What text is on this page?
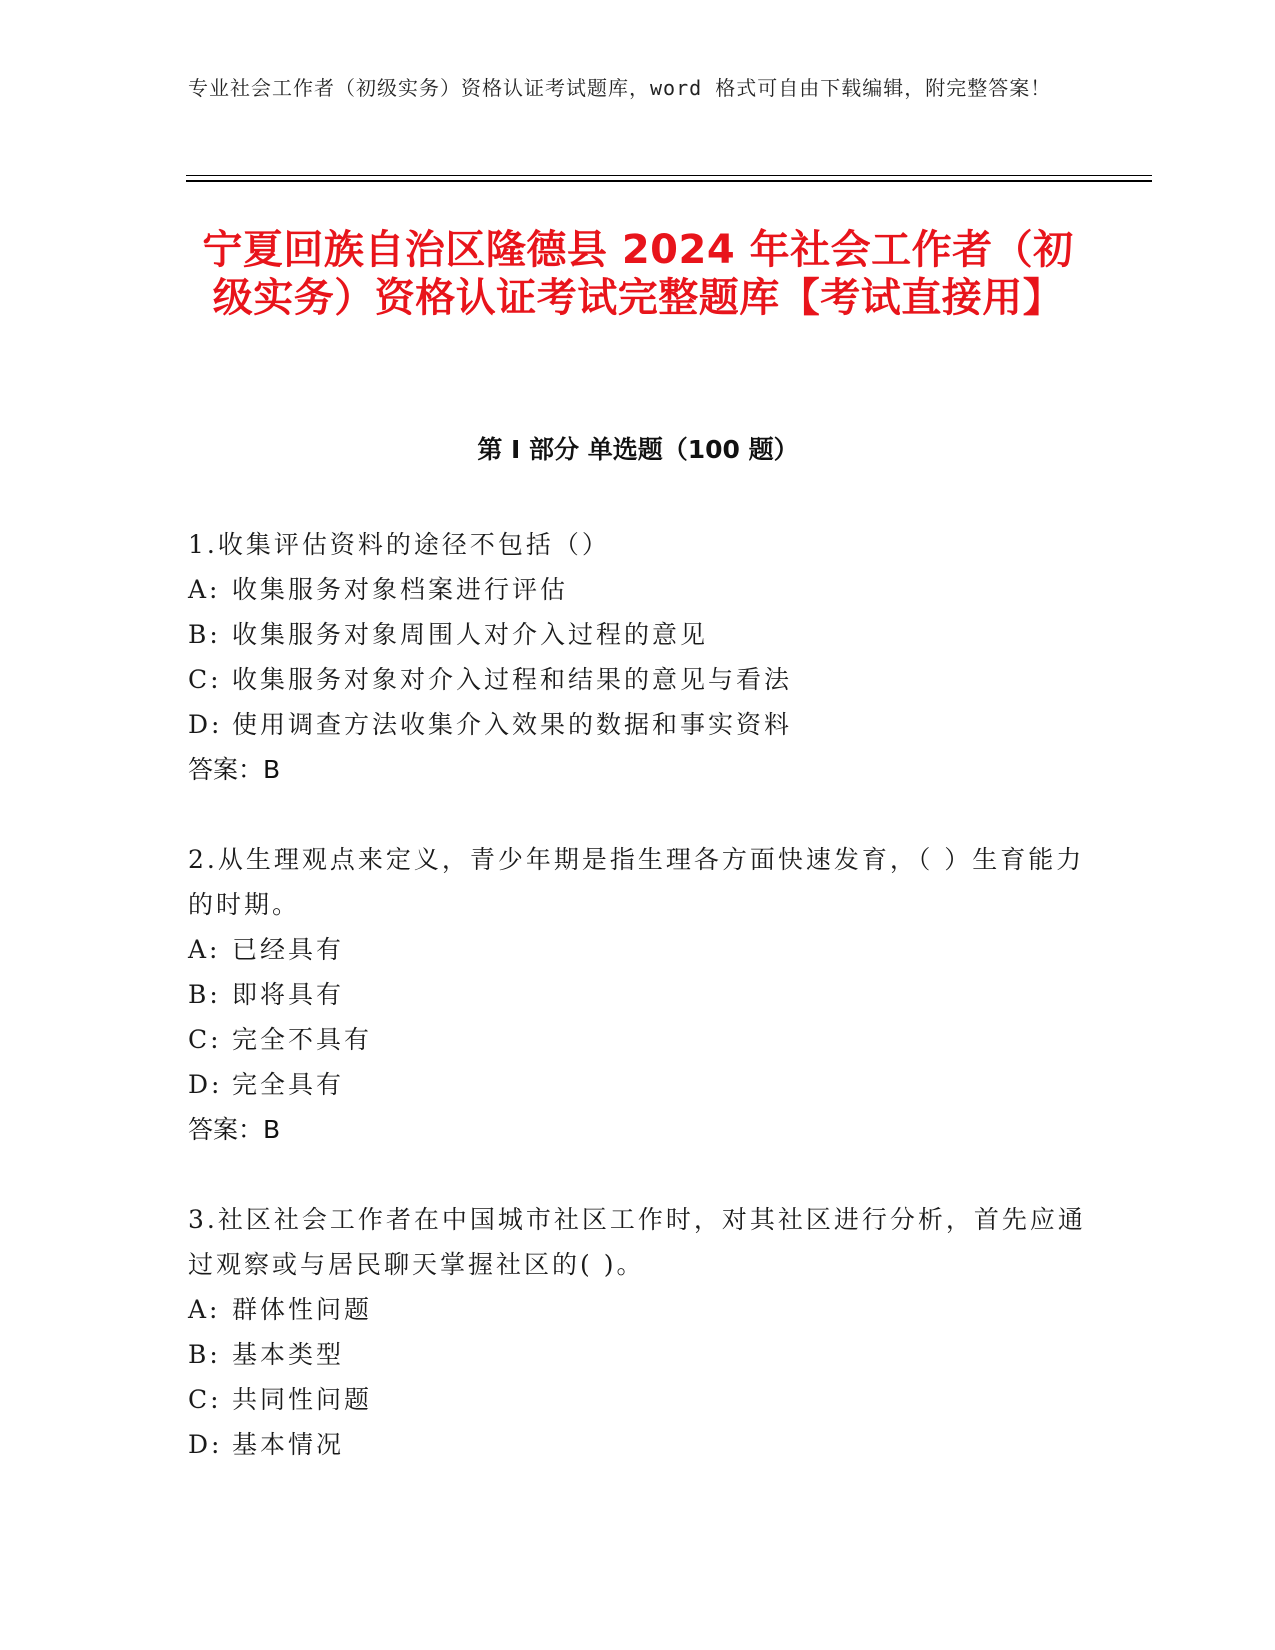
专业社会工作者（初级实务）资格认证考试题库，word 格式可自由下载编辑，附完整答案！
宁夏回族自治区隆德县 2024 年社会工作者（初级实务）资格认证考试完整题库【考试直接用】
第 I 部分 单选题（100 题）

1.收集评估资料的途径不包括（）

A: 收集服务对象档案进行评估

B: 收集服务对象周围人对介入过程的意见

C: 收集服务对象对介入过程和结果的意见与看法

D: 使用调查方法收集介入效果的数据和事实资料

答案：B

2.从生理观点来定义，青少年期是指生理各方面快速发育，（ ）生育能力的时期。

A: 已经具有

B: 即将具有

C: 完全不具有

D: 完全具有

答案：B

3.社区社会工作者在中国城市社区工作时，对其社区进行分析，首先应通过观察或与居民聊天掌握社区的( )。

A: 群体性问题

B: 基本类型

C: 共同性问题

D: 基本情况
